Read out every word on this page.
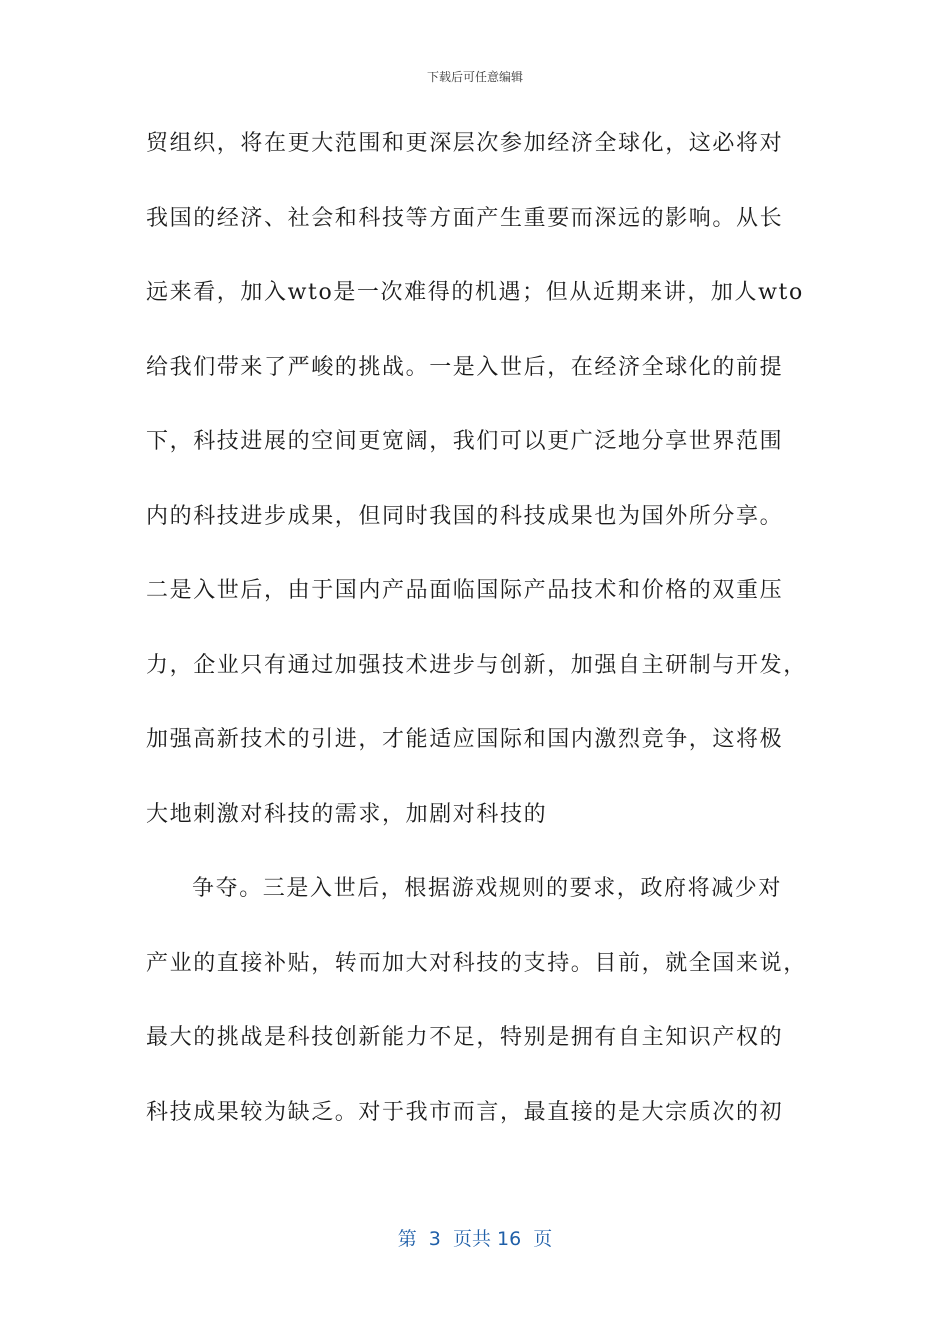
下载后可任意编辑
贸组织，将在更大范围和更深层次参加经济全球化，这必将对
我国的经济、社会和科技等方面产生重要而深远的影响。从长
远来看，加入wto是一次难得的机遇；但从近期来讲，加人wto
给我们带来了严峻的挑战。一是入世后，在经济全球化的前提
下，科技进展的空间更宽阔，我们可以更广泛地分享世界范围
内的科技进步成果，但同时我国的科技成果也为国外所分享。
二是入世后，由于国内产品面临国际产品技术和价格的双重压
力，企业只有通过加强技术进步与创新，加强自主研制与开发，
加强高新技术的引进，才能适应国际和国内激烈竞争，这将极
大地刺激对科技的需求，加剧对科技的
争夺。三是入世后，根据游戏规则的要求，政府将减少对
产业的直接补贴，转而加大对科技的支持。目前，就全国来说，
最大的挑战是科技创新能力不足，特别是拥有自主知识产权的
科技成果较为缺乏。对于我市而言，最直接的是大宗质次的初
第  3  页共 16  页
